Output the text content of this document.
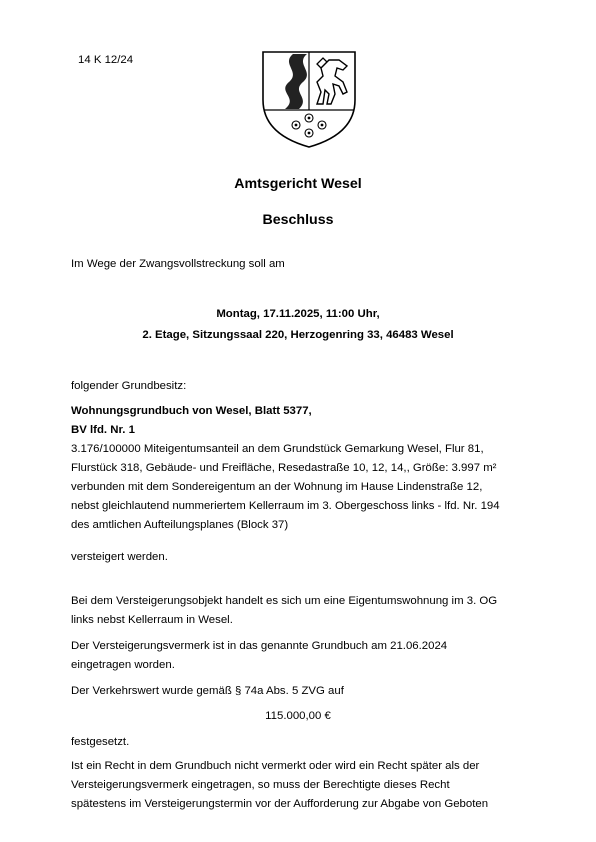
14 K 12/24
Amtsgericht Wesel
Beschluss
Im Wege der Zwangsvollstreckung soll am
Montag, 17.11.2025, 11:00 Uhr,
2. Etage, Sitzungssaal 220, Herzogenring 33, 46483 Wesel
folgender Grundbesitz:
Wohnungsgrundbuch von Wesel, Blatt 5377,
BV lfd. Nr. 1
3.176/100000 Miteigentumsanteil an dem Grundstück Gemarkung Wesel, Flur 81,
Flurstück 318, Gebäude- und Freifläche, Resedastraße 10, 12, 14,, Größe: 3.997 m²
verbunden mit dem Sondereigentum an der Wohnung im Hause Lindenstraße 12,
nebst gleichlautend nummeriertem Kellerraum im 3. Obergeschoss links - lfd. Nr. 194
des amtlichen Aufteilungsplanes (Block 37)
versteigert werden.
Bei dem Versteigerungsobjekt handelt es sich um eine Eigentumswohnung im 3. OG
links nebst Kellerraum in Wesel.
Der Versteigerungsvermerk ist in das genannte Grundbuch am 21.06.2024
eingetragen worden.
Der Verkehrswert wurde gemäß § 74a Abs. 5 ZVG auf
115.000,00 €
festgesetzt.
Ist ein Recht in dem Grundbuch nicht vermerkt oder wird ein Recht später als der
Versteigerungsvermerk eingetragen, so muss der Berechtigte dieses Recht
spätestens im Versteigerungstermin vor der Aufforderung zur Abgabe von Geboten
